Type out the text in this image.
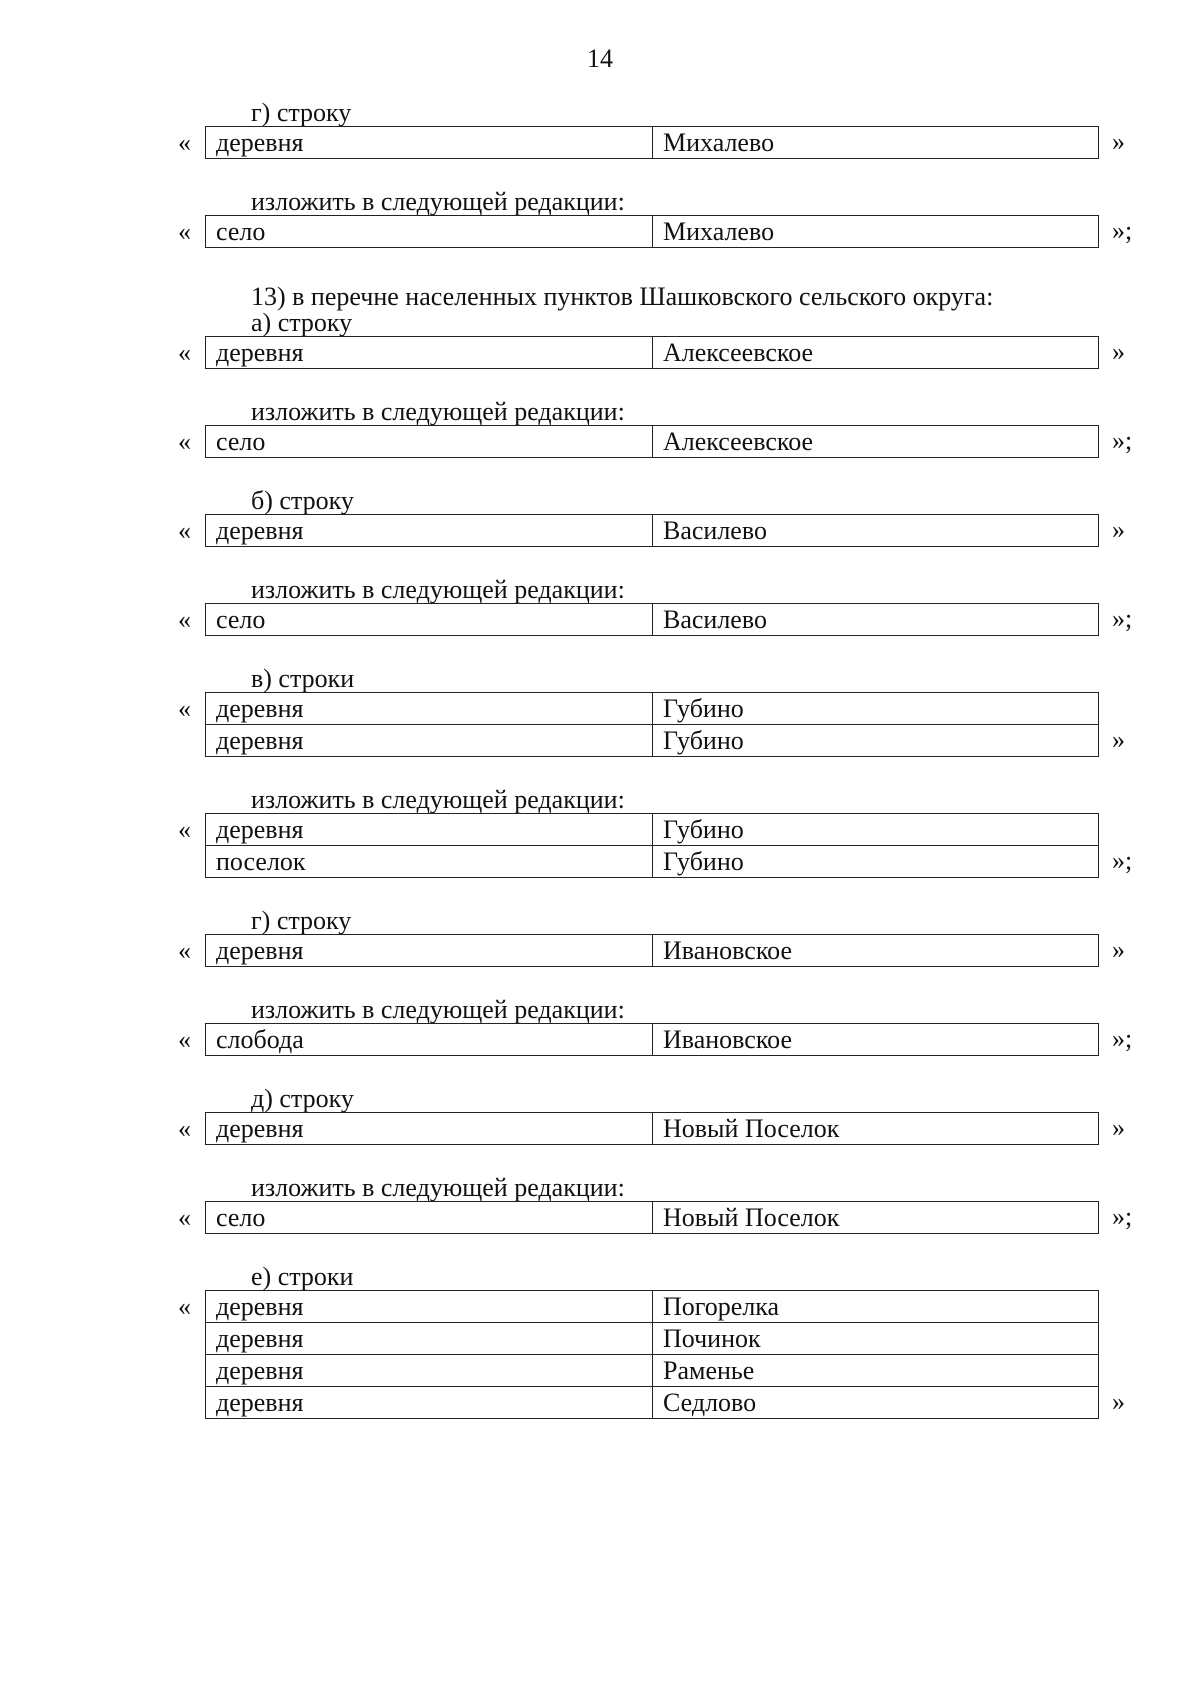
14
г) строку
« деревня	Михалево	»
изложить в следующей редакции:
« село	Михалево	»;
13) в перечне населенных пунктов Шашковского сельского округа:
а) строку
« деревня	Алексеевское	»
изложить в следующей редакции:
« село	Алексеевское	»;
б) строку
« деревня	Василево	»
изложить в следующей редакции:
« село	Василево	»;
в) строки
« деревня	Губино
деревня	Губино	»
изложить в следующей редакции:
« деревня	Губино
поселок	Губино	»;
г) строку
« деревня	Ивановское	»
изложить в следующей редакции:
« слобода	Ивановское	»;
д) строку
« деревня	Новый Поселок	»
изложить в следующей редакции:
« село	Новый Поселок	»;
е) строки
« деревня	Погорелка
деревня	Починок
деревня	Раменье
деревня	Седлово	»
